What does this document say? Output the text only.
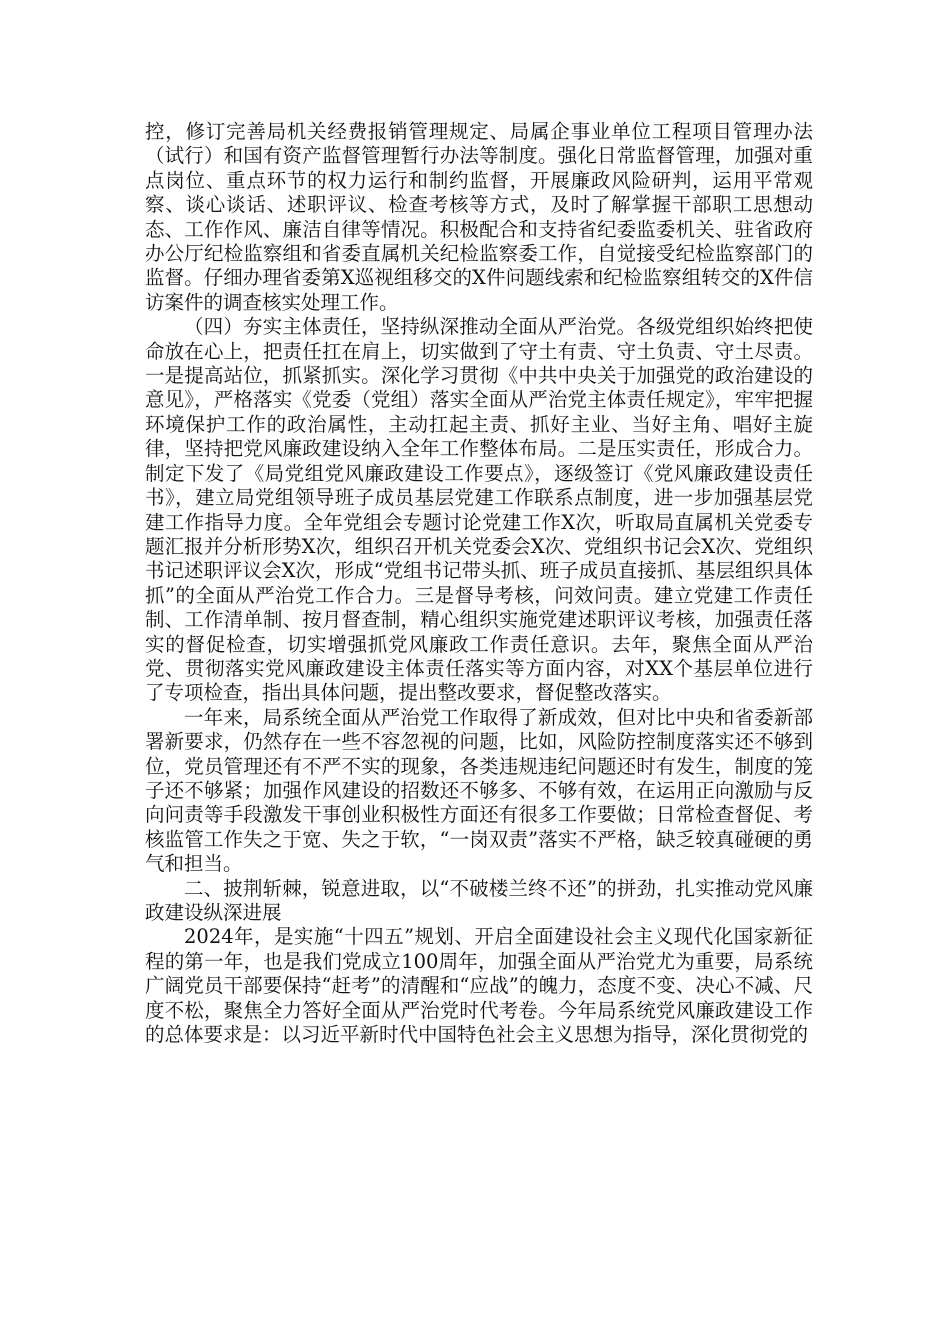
控，修订完善局机关经费报销管理规定、局属企事业单位工程项目管理办法（试行）和国有资产监督管理暂行办法等制度。强化日常监督管理，加强对重点岗位、重点环节的权力运行和制约监督，开展廉政风险研判，运用平常观察、谈心谈话、述职评议、检查考核等方式，及时了解掌握干部职工思想动态、工作作风、廉洁自律等情况。积极配合和支持省纪委监委机关、驻省政府办公厅纪检监察组和省委直属机关纪检监察委工作，自觉接受纪检监察部门的监督。仔细办理省委第X巡视组移交的X件问题线索和纪检监察组转交的X件信访案件的调查核实处理工作。

（四）夯实主体责任，坚持纵深推动全面从严治党。各级党组织始终把使命放在心上，把责任扛在肩上，切实做到了守土有责、守土负责、守土尽责。一是提高站位，抓紧抓实。深化学习贯彻《中共中央关于加强党的政治建设的意见》，严格落实《党委（党组）落实全面从严治党主体责任规定》，牢牢把握环境保护工作的政治属性，主动扛起主责、抓好主业、当好主角、唱好主旋律，坚持把党风廉政建设纳入全年工作整体布局。二是压实责任，形成合力。制定下发了《局党组党风廉政建设工作要点》，逐级签订《党风廉政建设责任书》，建立局党组领导班子成员基层党建工作联系点制度，进一步加强基层党建工作指导力度。全年党组会专题讨论党建工作X次，听取局直属机关党委专题汇报并分析形势X次，组织召开机关党委会X次、党组织书记会X次、党组织书记述职评议会X次，形成“党组书记带头抓、班子成员直接抓、基层组织具体抓”的全面从严治党工作合力。三是督导考核，问效问责。建立党建工作责任制、工作清单制、按月督查制，精心组织实施党建述职评议考核，加强责任落实的督促检查，切实增强抓党风廉政工作责任意识。去年，聚焦全面从严治党、贯彻落实党风廉政建设主体责任落实等方面内容，对XX个基层单位进行了专项检查，指出具体问题，提出整改要求，督促整改落实。

一年来，局系统全面从严治党工作取得了新成效，但对比中央和省委新部署新要求，仍然存在一些不容忽视的问题，比如，风险防控制度落实还不够到位，党员管理还有不严不实的现象，各类违规违纪问题还时有发生，制度的笼子还不够紧；加强作风建设的招数还不够多、不够有效，在运用正向激励与反向问责等手段激发干事创业积极性方面还有很多工作要做；日常检查督促、考核监管工作失之于宽、失之于软，“一岗双责”落实不严格，缺乏较真碰硬的勇气和担当。

二、披荆斩棘，锐意进取，以“不破楼兰终不还”的拼劲，扎实推动党风廉政建设纵深进展

2024年，是实施“十四五”规划、开启全面建设社会主义现代化国家新征程的第一年，也是我们党成立100周年，加强全面从严治党尤为重要，局系统广阔党员干部要保持“赶考”的清醒和“应战”的魄力，态度不变、决心不减、尺度不松，聚焦全力答好全面从严治党时代考卷。今年局系统党风廉政建设工作的总体要求是：以习近平新时代中国特色社会主义思想为指导，深化贯彻党的
